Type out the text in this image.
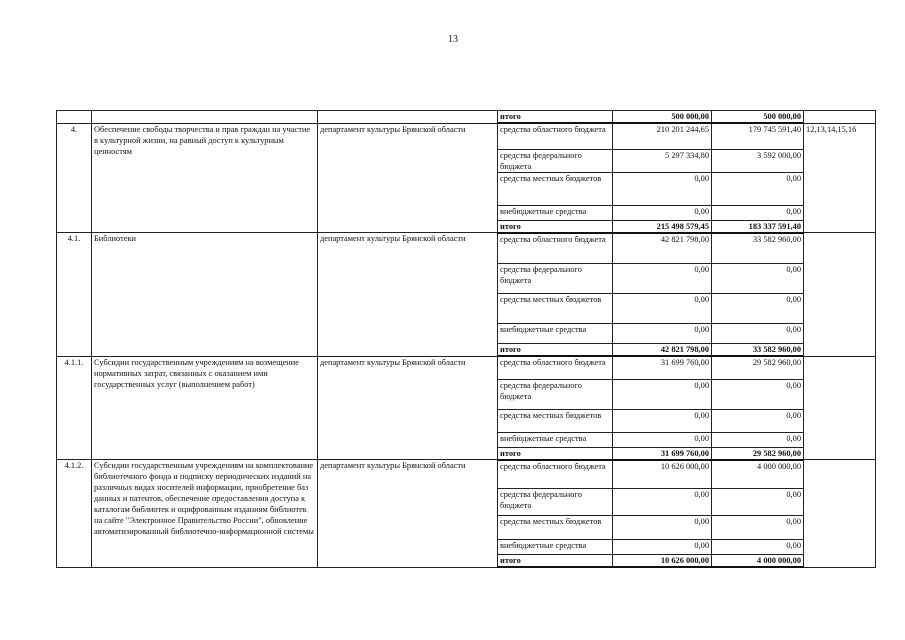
13
			итого	500 000,00	500 000,00	
4.	Обеспечение свободы творчества и прав граждан на участие в культурной жизни, на равный доступ к культурным ценностям	департамент культуры Брянской области	средства областного бюджета	210 201 244,65	179 745 591,40	12,13,14,15,16
			средства федерального бюджета	5 297 334,80	3 592 000,00	
			средства местных бюджетов	0,00	0,00	
			внебюджетные средства	0,00	0,00	
			итого	215 498 579,45	183 337 591,40	
4.1.	Библиотеки	департамент культуры Брянской области	средства областного бюджета	42 821 798,00	33 582 960,00	
			средства федерального бюджета	0,00	0,00	
			средства местных бюджетов	0,00	0,00	
			внебюджетные средства	0,00	0,00	
			итого	42 821 798,00	33 582 960,00	
4.1.1.	Субсидии государственным учреждениям на возмещение нормативных затрат, связанных с оказанием ими государственных услуг (выполнением работ)	департамент культуры Брянской области	средства областного бюджета	31 699 760,00	29 582 960,00	
			средства федерального бюджета	0,00	0,00	
			средства местных бюджетов	0,00	0,00	
			внебюджетные средства	0,00	0,00	
			итого	31 699 760,00	29 582 960,00	
4.1.2.	Субсидии государственным учреждениям на комплектование библиотечного фонда и подписку периодических изданий на различных видах носителей информации, приобретение баз данных и патентов, обеспечение предоставления доступа к каталогам библиотек и оцифрованным изданиям библиотек на сайте "Электронное Правительство России", обновление автоматизированный библиотечно-информационной системы	департамент культуры Брянской области	средства областного бюджета	10 626 000,00	4 000 000,00	
			средства федерального бюджета	0,00	0,00	
			средства местных бюджетов	0,00	0,00	
			внебюджетные средства	0,00	0,00	
			итого	10 626 000,00	4 000 000,00	
